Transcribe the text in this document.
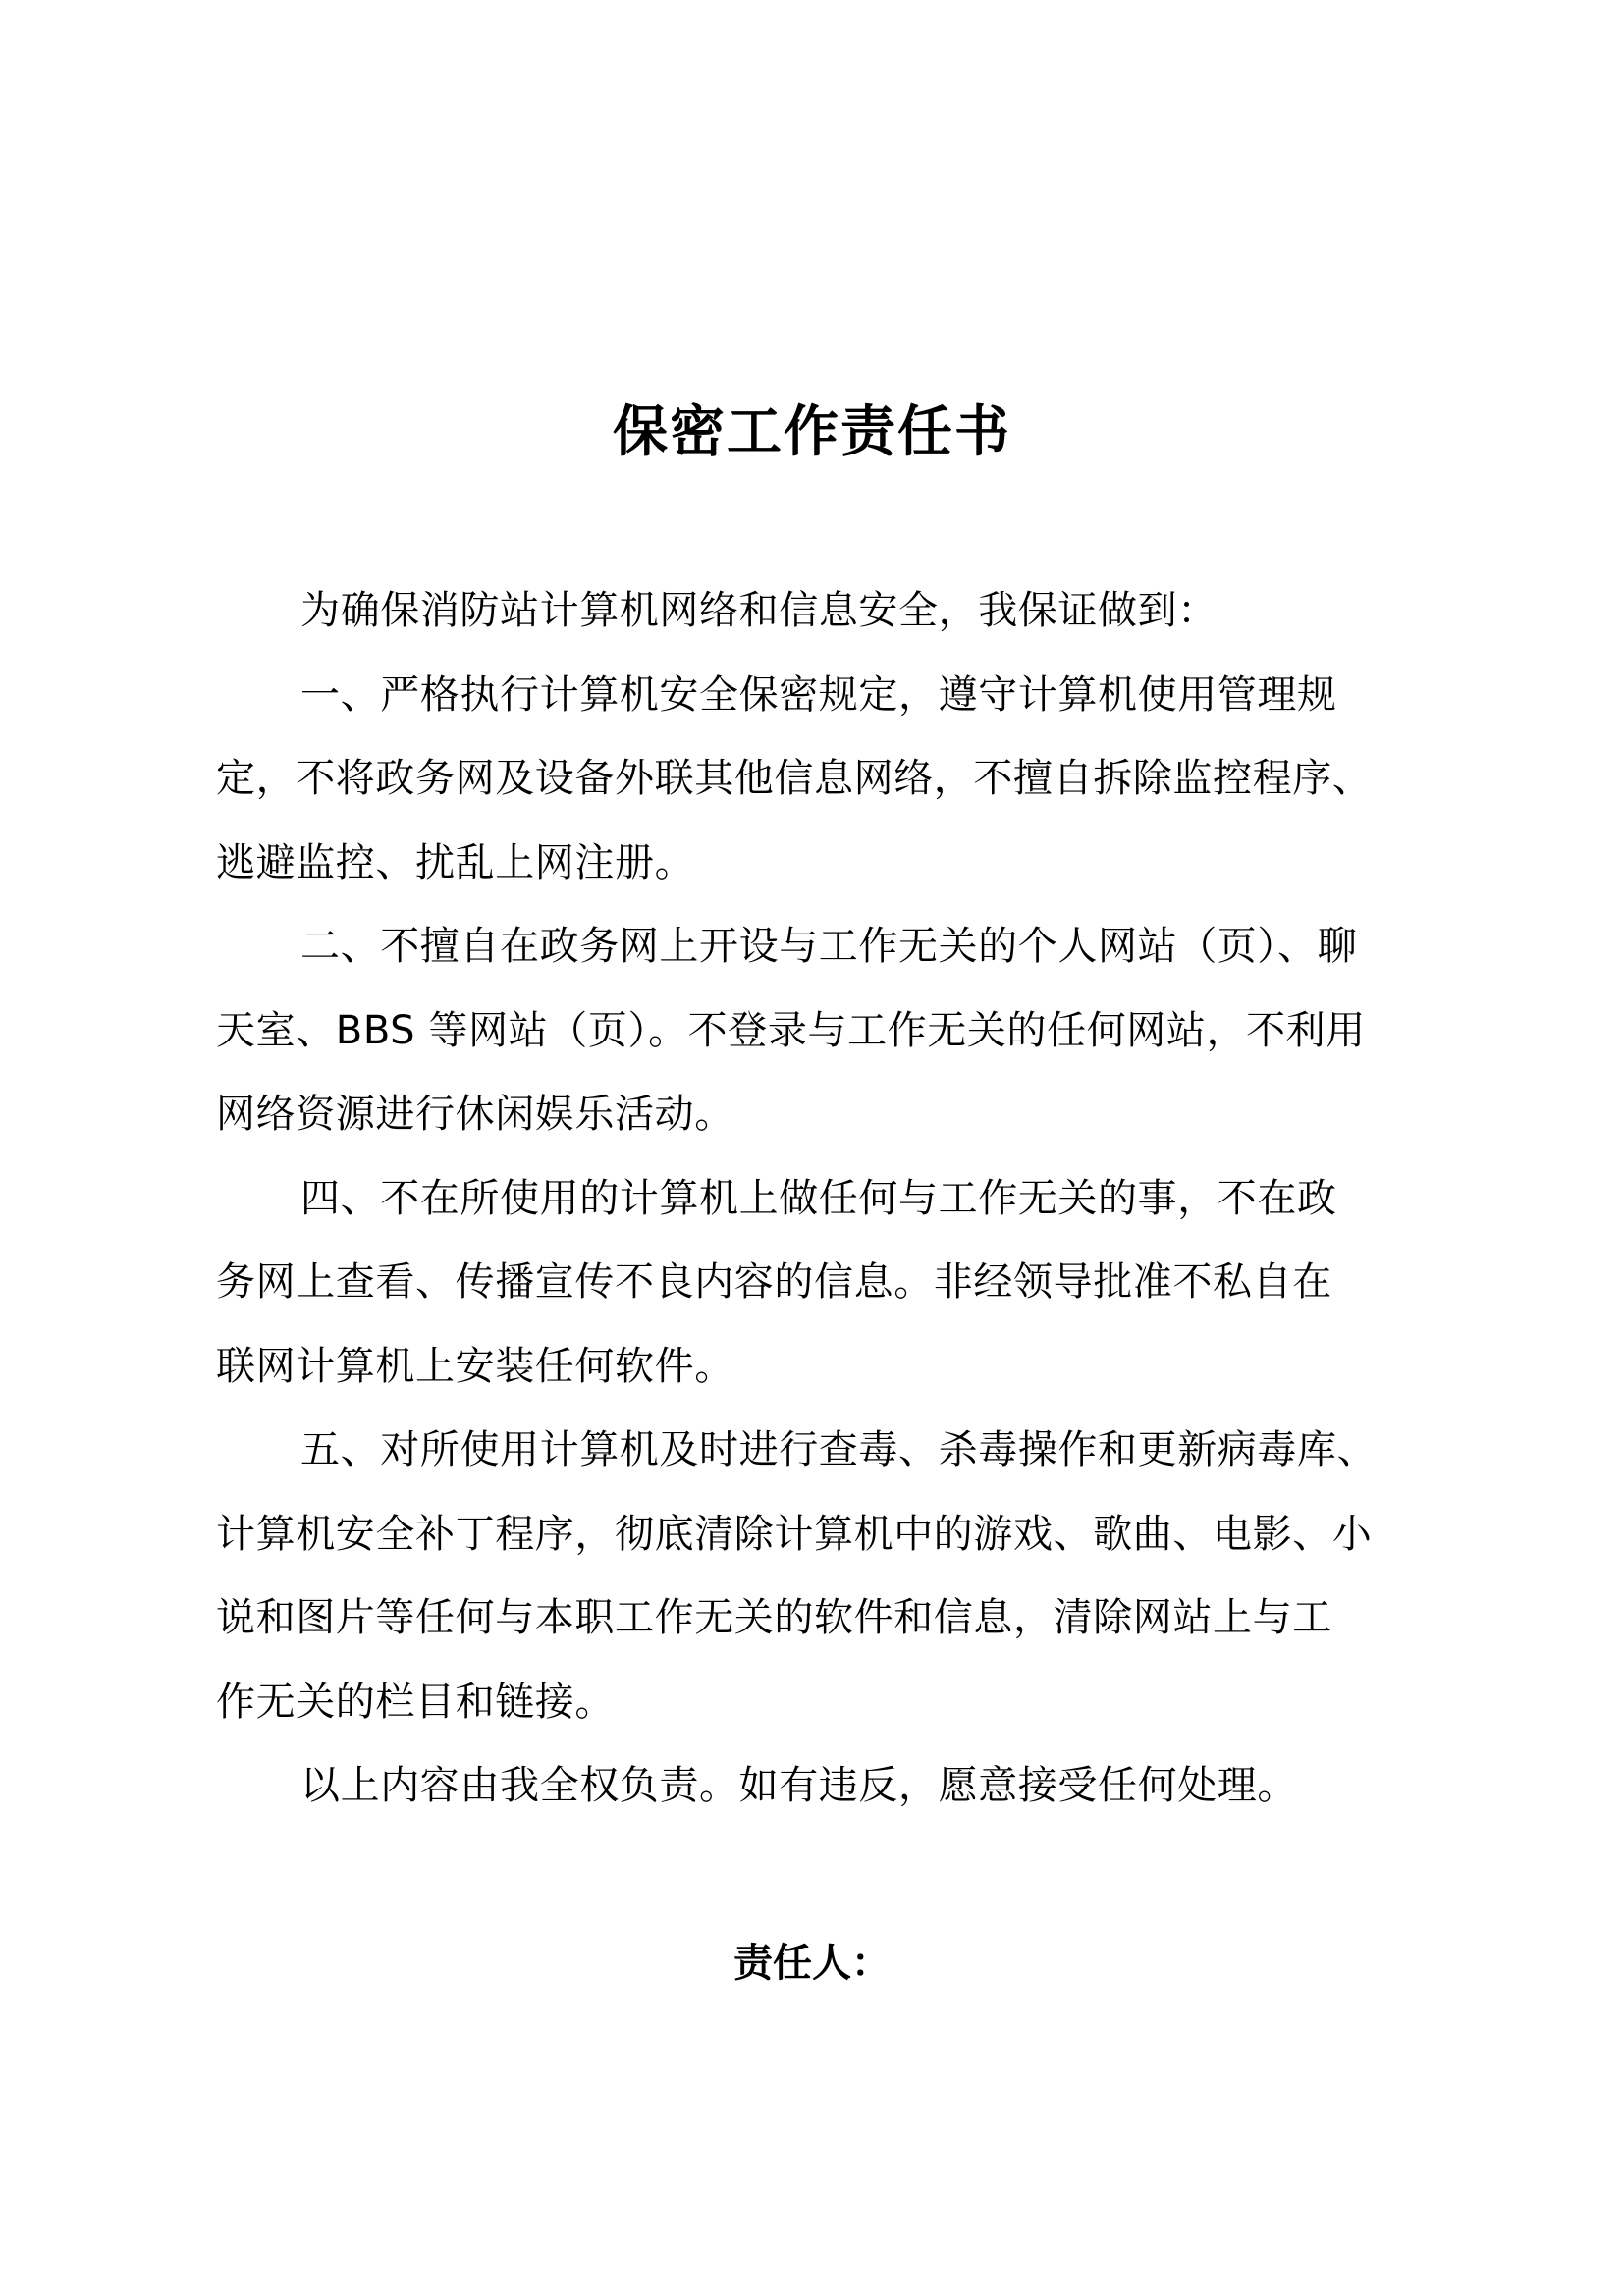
保密工作责任书
为确保消防站计算机网络和信息安全，我保证做到：
一、严格执行计算机安全保密规定，遵守计算机使用管理规
定，不将政务网及设备外联其他信息网络，不擅自拆除监控程序、
逃避监控、扰乱上网注册。
二、不擅自在政务网上开设与工作无关的个人网站（页）、聊
天室、BBS 等网站（页）。不登录与工作无关的任何网站，不利用
网络资源进行休闲娱乐活动。
四、不在所使用的计算机上做任何与工作无关的事，不在政
务网上查看、传播宣传不良内容的信息。非经领导批准不私自在
联网计算机上安装任何软件。
五、对所使用计算机及时进行查毒、杀毒操作和更新病毒库、
计算机安全补丁程序，彻底清除计算机中的游戏、歌曲、电影、小
说和图片等任何与本职工作无关的软件和信息，清除网站上与工
作无关的栏目和链接。
以上内容由我全权负责。如有违反，愿意接受任何处理。
责任人：
